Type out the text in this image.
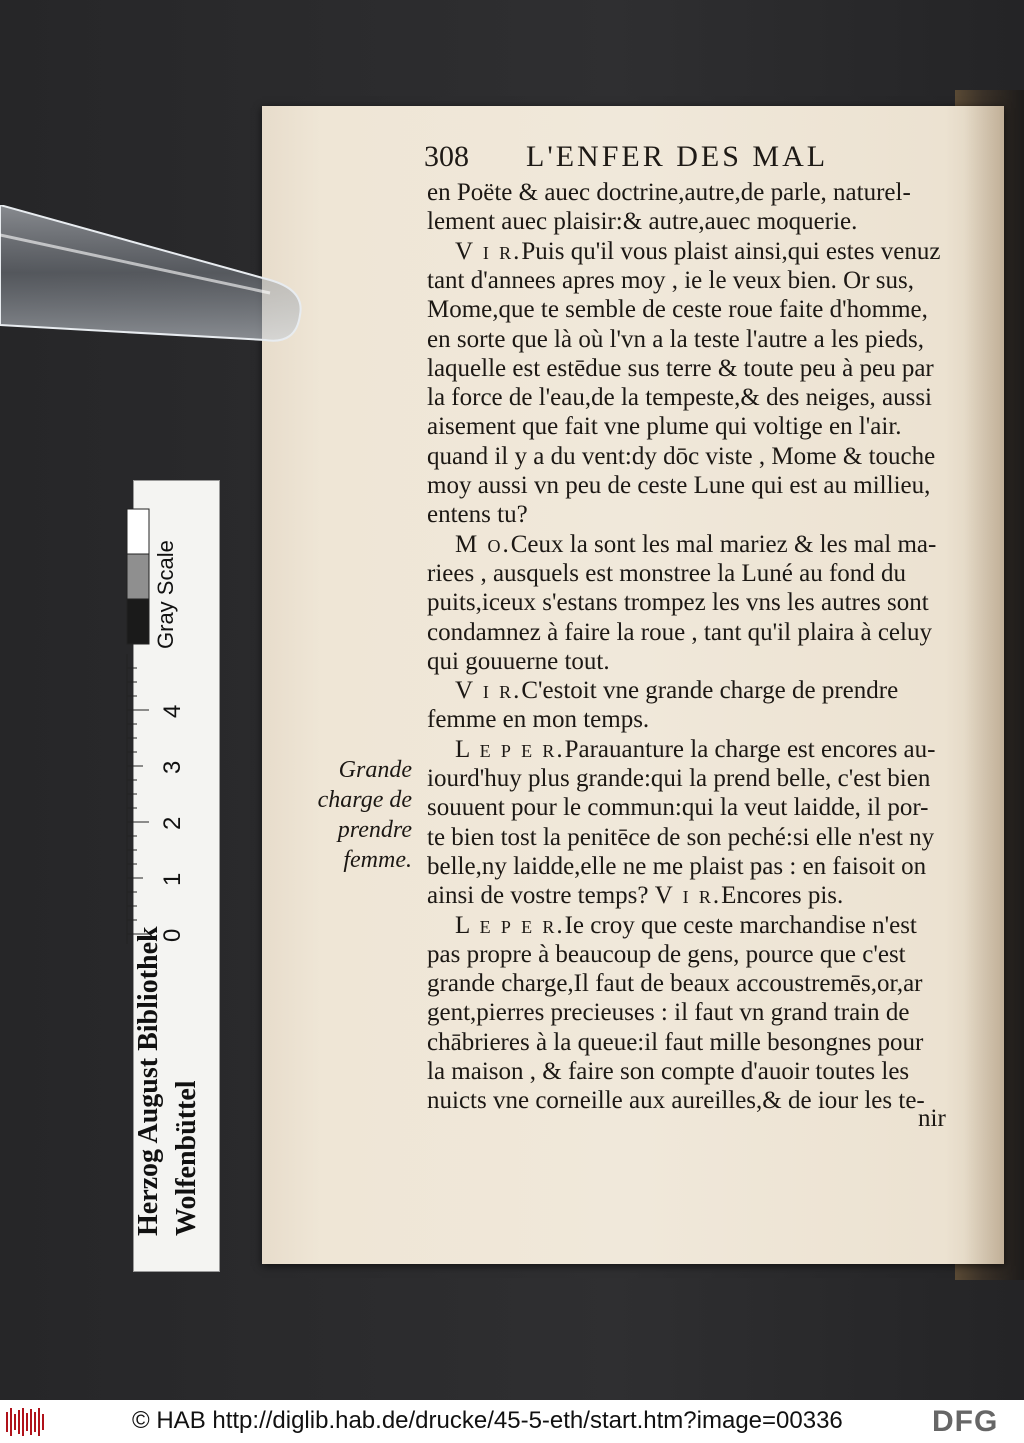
308 L'ENFER DES MAL
en Poëte & auec doctrine,autre,de parle, naturel-
lement auec plaisir:& autre,auec moquerie.
V i r.Puis qu'il vous plaist ainsi,qui estes venuz
tant d'annees apres moy , ie le veux bien. Or sus,
Mome,que te semble de ceste roue faite d'homme,
en sorte que là où l'vn a la teste l'autre a les pieds,
laquelle est estēdue sus terre & toute peu à peu par
la force de l'eau,de la tempeste,& des neiges, aussi
aisement que fait vne plume qui voltige en l'air.
quand il y a du vent:dy dōc viste , Mome & touche
moy aussi vn peu de ceste Lune qui est au millieu,
entens tu?
M o.Ceux la sont les mal mariez & les mal ma-
riees , ausquels est monstree la Luné au fond du
puits,iceux s'estans trompez les vns les autres sont
condamnez à faire la roue , tant qu'il plaira à celuy
qui gouuerne tout.
V i r.C'estoit vne grande charge de prendre
femme en mon temps.
L e p e r.Parauanture la charge est encores au-
iourd'huy plus grande:qui la prend belle, c'est bien
souuent pour le commun:qui la veut laidde, il por-
te bien tost la penitēce de son peché:si elle n'est ny
belle,ny laidde,elle ne me plaist pas : en faisoit on
ainsi de vostre temps? V i r.Encores pis.
L e p e r.Ie croy que ceste marchandise n'est
pas propre à beaucoup de gens, pource que c'est
grande charge,Il faut de beaux accoustremēs,or,ar
gent,pierres precieuses : il faut vn grand train de
chābrieres à la queue:il faut mille besongnes pour
la maison , & faire son compte d'auoir toutes les
nuicts vne corneille aux aureilles,& de iour les te-
nir
Grande
charge de
prendre
femme.
Gray Scale
0
1
2
3
4
Herzog August Bibliothek Wolfenbüttel
© HAB http://diglib.hab.de/drucke/45-5-eth/start.htm?image=00336	DFG
